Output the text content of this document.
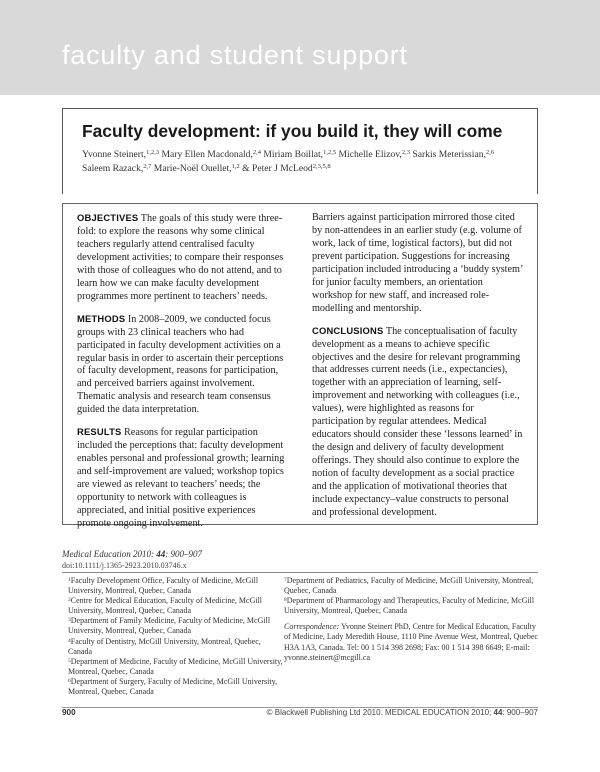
faculty and student support
Faculty development: if you build it, they will come
Yvonne Steinert,$^{1,2,3}$ Mary Ellen Macdonald,$^{2,4}$ Miriam Boillat,$^{1,2,5}$ Michelle Elizov,$^{2,3}$ Sarkis Meterissian,$^{2,6}$
Saleem Razack,$^{2,7}$ Marie-Noël Ouellet,$^{1,2}$ & Peter J McLeod$^{2,3,5,8}$

OBJECTIVES The goals of this study were three-fold: to explore the reasons why some clinical teachers regularly attend centralised faculty development activities; to compare their responses with those of colleagues who do not attend, and to learn how we can make faculty development programmes more pertinent to teachers’ needs.

METHODS In 2008–2009, we conducted focus groups with 23 clinical teachers who had participated in faculty development activities on a regular basis in order to ascertain their perceptions of faculty development, reasons for participation, and perceived barriers against involvement. Thematic analysis and research team consensus guided the data interpretation.

RESULTS Reasons for regular participation included the perceptions that: faculty development enables personal and professional growth; learning and self-improvement are valued; workshop topics are viewed as relevant to teachers’ needs; the opportunity to network with colleagues is appreciated, and initial positive experiences promote ongoing involvement.

Barriers against participation mirrored those cited by non-attendees in an earlier study (e.g. volume of work, lack of time, logistical factors), but did not prevent participation. Suggestions for increasing participation included introducing a ‘buddy system’ for junior faculty members, an orientation workshop for new staff, and increased role-modelling and mentorship.

CONCLUSIONS The conceptualisation of faculty development as a means to achieve specific objectives and the desire for relevant programming that addresses current needs (i.e., expectancies), together with an appreciation of learning, self-improvement and networking with colleagues (i.e., values), were highlighted as reasons for participation by regular attendees. Medical educators should consider these ‘lessons learned’ in the design and delivery of faculty development offerings. They should also continue to explore the notion of faculty development as a social practice and the application of motivational theories that include expectancy–value constructs to personal and professional development.

Medical Education 2010: 44: 900–907
doi:10.1111/j.1365-2923.2010.03746.x

$^1$Faculty Development Office, Faculty of Medicine, McGill University, Montreal, Quebec, Canada

$^2$Centre for Medical Education, Faculty of Medicine, McGill University, Montreal, Quebec, Canada

$^3$Department of Family Medicine, Faculty of Medicine, McGill University, Montreal, Quebec, Canada

$^4$Faculty of Dentistry, McGill University, Montreal, Quebec, Canada

$^5$Department of Medicine, Faculty of Medicine, McGill University, Montreal, Quebec, Canada

$^6$Department of Surgery, Faculty of Medicine, McGill University, Montreal, Quebec, Canada

$^7$Department of Pediatrics, Faculty of Medicine, McGill University, Montreal, Quebec, Canada

$^8$Department of Pharmacology and Therapeutics, Faculty of Medicine, McGill University, Montreal, Quebec, Canada

Correspondence: Yvonne Steinert PhD, Centre for Medical Education, Faculty of Medicine, Lady Meredith House, 1110 Pine Avenue West, Montreal, Quebec H3A 1A3, Canada. Tel: 00 1 514 398 2698; Fax: 00 1 514 398 6649; E-mail: yvonne.steinert@mcgill.ca

900	© Blackwell Publishing Ltd 2010. MEDICAL EDUCATION 2010; 44: 900–907
